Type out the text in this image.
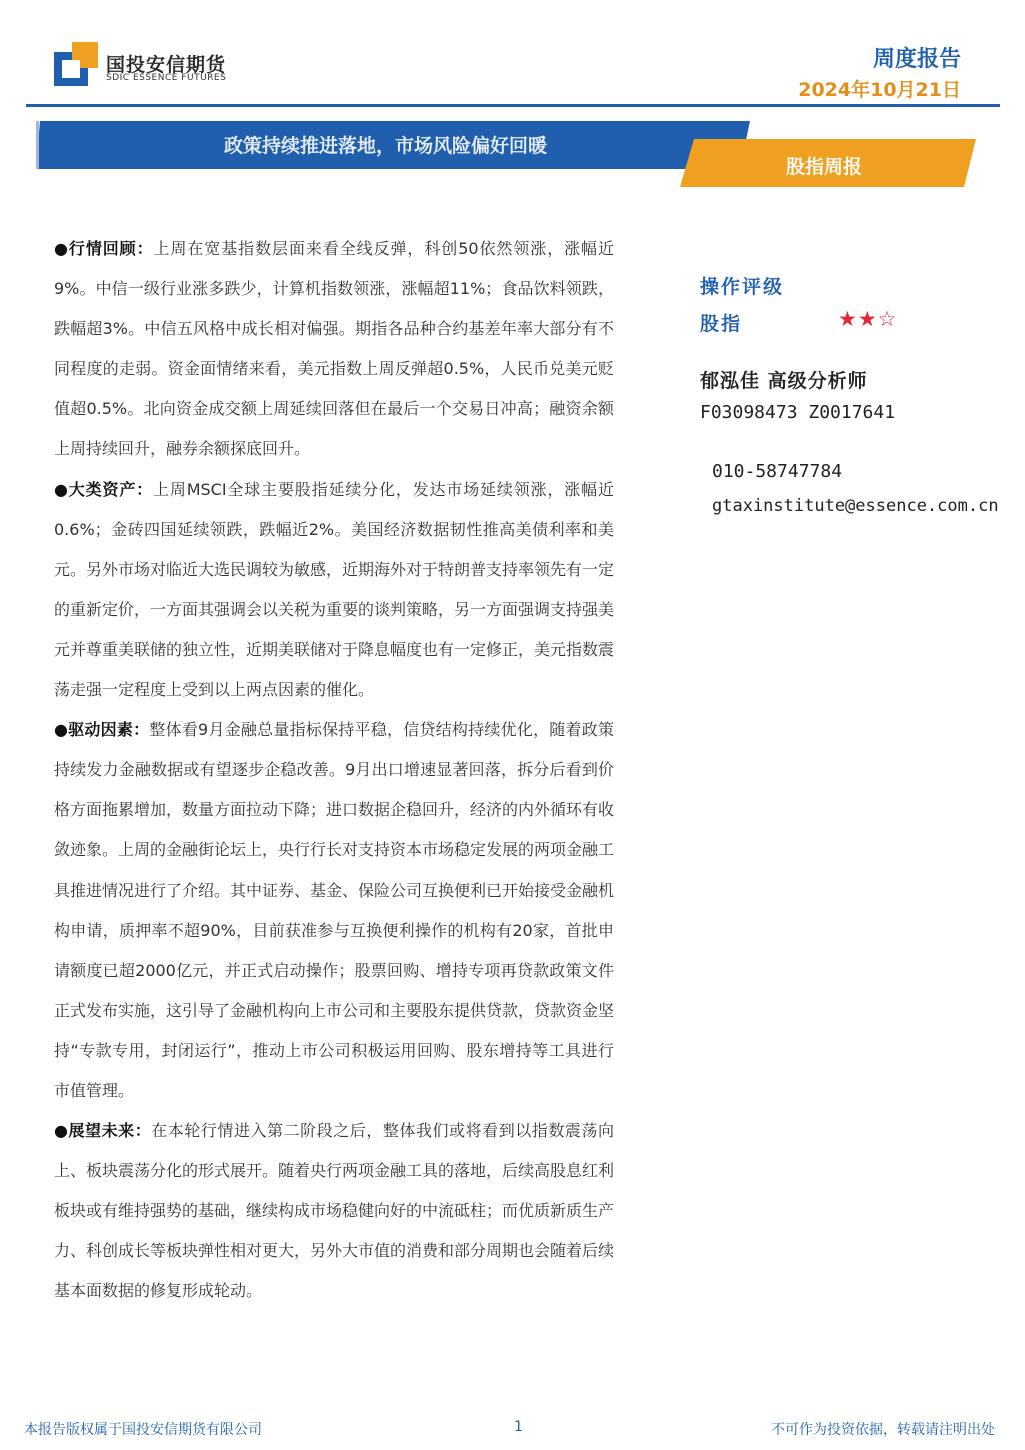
国投安信期货
SDIC ESSENCE FUTURES
周度报告
2024年10月21日
政策持续推进落地，市场风险偏好回暖
股指周报

●行情回顾：上周在宽基指数层面来看全线反弹，科创50依然领涨，涨幅近9%。中信一级行业涨多跌少，计算机指数领涨，涨幅超11%；食品饮料领跌，跌幅超3%。中信五风格中成长相对偏强。期指各品种合约基差年率大部分有不同程度的走弱。资金面情绪来看，美元指数上周反弹超0.5%，人民币兑美元贬值超0.5%。北向资金成交额上周延续回落但在最后一个交易日冲高；融资余额上周持续回升，融券余额探底回升。

●大类资产：上周MSCI全球主要股指延续分化，发达市场延续领涨，涨幅近0.6%；金砖四国延续领跌，跌幅近2%。美国经济数据韧性推高美债利率和美元。另外市场对临近大选民调较为敏感，近期海外对于特朗普支持率领先有一定的重新定价，一方面其强调会以关税为重要的谈判策略，另一方面强调支持强美元并尊重美联储的独立性，近期美联储对于降息幅度也有一定修正，美元指数震荡走强一定程度上受到以上两点因素的催化。

●驱动因素：整体看9月金融总量指标保持平稳，信贷结构持续优化，随着政策持续发力金融数据或有望逐步企稳改善。9月出口增速显著回落，拆分后看到价格方面拖累增加，数量方面拉动下降；进口数据企稳回升，经济的内外循环有收敛迹象。上周的金融街论坛上，央行行长对支持资本市场稳定发展的两项金融工具推进情况进行了介绍。其中证券、基金、保险公司互换便利已开始接受金融机构申请，质押率不超90%，目前获准参与互换便利操作的机构有20家，首批申请额度已超2000亿元，并正式启动操作；股票回购、增持专项再贷款政策文件正式发布实施，这引导了金融机构向上市公司和主要股东提供贷款，贷款资金坚持“专款专用，封闭运行”，推动上市公司积极运用回购、股东增持等工具进行市值管理。

●展望未来：在本轮行情进入第二阶段之后，整体我们或将看到以指数震荡向上、板块震荡分化的形式展开。随着央行两项金融工具的落地，后续高股息红利板块或有维持强势的基础，继续构成市场稳健向好的中流砥柱；而优质新质生产力、科创成长等板块弹性相对更大，另外大市值的消费和部分周期也会随着后续基本面数据的修复形成轮动。

操作评级
股指	★★☆
郁泓佳 高级分析师
F03098473 Z0017641
010-58747784
gtaxinstitute@essence.com.cn
本报告版权属于国投安信期货有限公司	1	不可作为投资依据，转载请注明出处
